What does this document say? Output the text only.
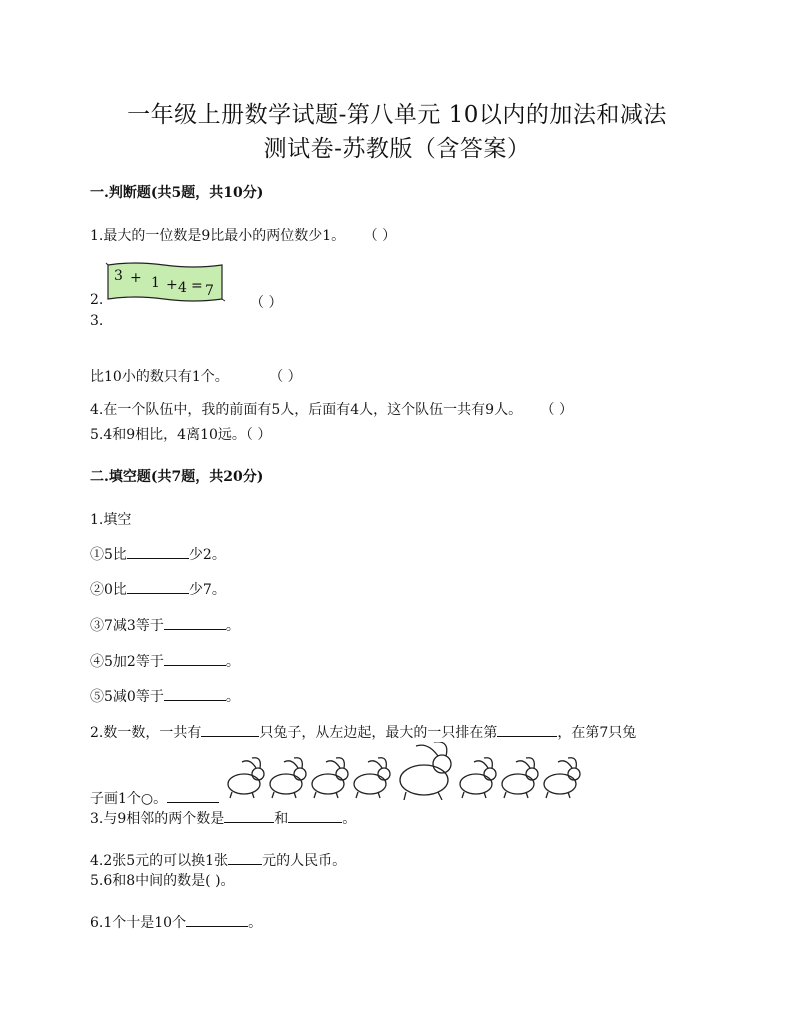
一年级上册数学试题-第八单元 10以内的加法和减法
测试卷-苏教版（含答案）
一.判断题(共5题，共10分)
1.最大的一位数是9比最小的两位数少1。 （ ）
3 + 1 + 4 = 7
2.	（ ）
3.
比10小的数只有1个。	（ ）
4.在一个队伍中，我的前面有5人，后面有4人，这个队伍一共有9人。 （ ）
5.4和9相比，4离10远。（ ）
二.填空题(共7题，共20分)
1.填空
①5比	少2。
②0比	少7。
③7减3等于	。
④5加2等于	。
⑤5减0等于	。
2.数一数，一共有	只兔子，从左边起，最大的一只排在第	，在第7只兔
子画1个○。
3.与9相邻的两个数是	和	。
4.2张5元的可以换1张 元的人民币。
5.6和8中间的数是( )。
6.1个十是10个	。
